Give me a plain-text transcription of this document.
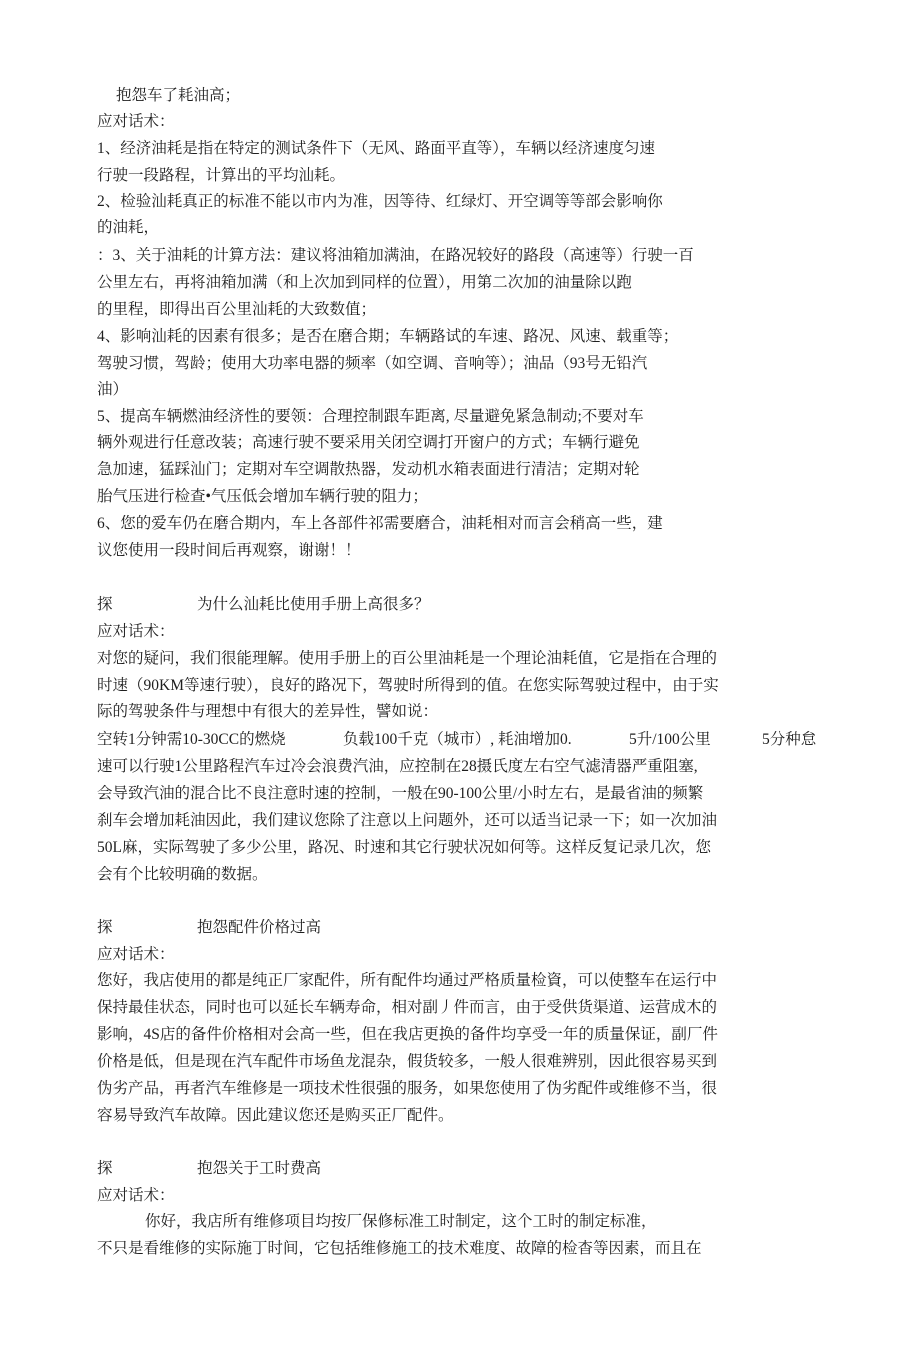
抱怨车了耗油高；
应对话术：
1、经济油耗是指在特定的测试条件下（无风、路面平直等），车辆以经济速度匀速
行驶一段路程，计算出的平均汕耗。
2、检验汕耗真正的标准不能以市内为准，因等待、红绿灯、开空调等等部会影响你
的油耗，
：3、关于油耗的计算方法：建议将油箱加满油，在路况较好的路段（高速等）行驶一百
公里左右，再将油箱加满（和上次加到同样的位置），用第二次加的油量除以跑
的里程，即得出百公里汕耗的大致数值；
4、影响汕耗的因素有很多；是否在磨合期；车辆路试的车速、路况、风速、载重等；
驾驶习惯，驾龄；使用大功率电器的频率（如空调、音响等）；油品（93号无铅汽
油）
5、提高车辆燃油经济性的要领：合理控制跟车距离, 尽量避免紧急制动;不要对车
辆外观进行任意改装；高速行驶不要采用关闭空调打开窗户的方式；车辆行避免
急加速，猛踩汕门；定期对车空调散热器，发动机水箱表面进行清洁；定期对轮
胎气压进行检查•气压低会增加车辆行驶的阻力；
6、您的爱车仍在磨合期内，车上各部件祁需要磨合，油耗相对而言会稍高一些，建
议您使用一段时间后再观察，谢谢！！
探	为什么汕耗比使用手册上高很多？
应对话术：
对您的疑问，我们很能理解。使用手册上的百公里油耗是一个理论油耗值，它是指在合理的
时速（90KM等速行驶），良好的路况下，驾驶时所得到的值。在您实际驾驶过程中，由于实
际的驾驶条件与理想中有很大的差异性，譬如说：
空转1分钟需10-30CC的燃烧	负载100千克（城市）, 耗油增加0.	5升/100公里	5分种怠
速可以行驶1公里路程汽车过冷会浪费汽油，应控制在28摄氏度左右空气滤清器严重阻塞,
会导致汽油的混合比不良注意时速的控制，一般在90-100公里/小时左右，是最省油的频繁
刹车会增加耗油因此，我们建议您除了注意以上问题外，还可以适当记录一下；如一次加油
50L麻，实际驾驶了多少公里，路况、时速和其它行驶状况如何等。这样反复记录几次，您
会有个比较明确的数据。
探	抱怨配件价格过高
应对话术：
您好，我店使用的都是纯正厂家配件，所有配件均通过严格质量检資，可以使整车在运行中
保持最佳状态，同时也可以延长车辆寿命，相对副丿件而言，由于受供货渠道、运营成木的
影响，4S店的备件价格相对会高一些，但在我店更换的备件均享受一年的质量保证，副厂件
价格是低，但是现在汽车配件市场鱼龙混杂，假货较多，一般人很难辨别，因此很容易买到
伪劣产品，再者汽车维修是一项技术性很强的服务，如果您使用了伪劣配件或维修不当，很
容易导致汽车故障。因此建议您还是购买正厂配件。
探	抱怨关于工时费高
应对话术：
你好，我店所有维修项目均按厂保修标准工时制定，这个工时的制定标准，
不只是看维修的实际施丁时间，它包括维修施工的技术难度、故障的检杳等因素，而且在
